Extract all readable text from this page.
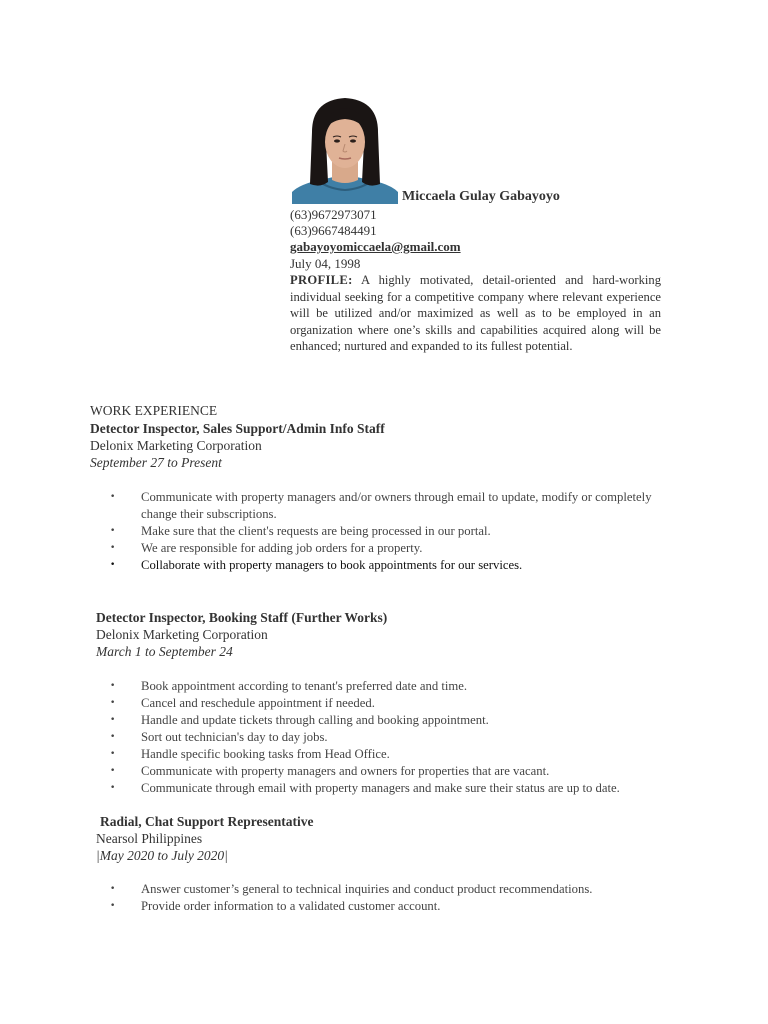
Miccaela Gulay Gabayoyo
(63)9672973071
(63)9667484491
gabayoyomiccaela@gmail.com
July 04, 1998
PROFILE: A highly motivated, detail-oriented and hard-working individual seeking for a competitive company where relevant experience will be utilized and/or maximized as well as to be employed in an organization where one’s skills and capabilities acquired along will be enhanced; nurtured and expanded to its fullest potential.
WORK EXPERIENCE
Detector Inspector, Sales Support/Admin Info Staff
Delonix Marketing Corporation
September 27 to Present
• Communicate with property managers and/or owners through email to update, modify or completely change their subscriptions.
• Make sure that the client's requests are being processed in our portal.
• We are responsible for adding job orders for a property.
• Collaborate with property managers to book appointments for our services.
Detector Inspector, Booking Staff (Further Works)
Delonix Marketing Corporation
March 1 to September 24
• Book appointment according to tenant's preferred date and time.
• Cancel and reschedule appointment if needed.
• Handle and update tickets through calling and booking appointment.
• Sort out technician's day to day jobs.
• Handle specific booking tasks from Head Office.
• Communicate with property managers and owners for properties that are vacant.
• Communicate through email with property managers and make sure their status are up to date.
Radial, Chat Support Representative
Nearsol Philippines
|May 2020 to July 2020|
• Answer customer’s general to technical inquiries and conduct product recommendations.
• Provide order information to a validated customer account.
